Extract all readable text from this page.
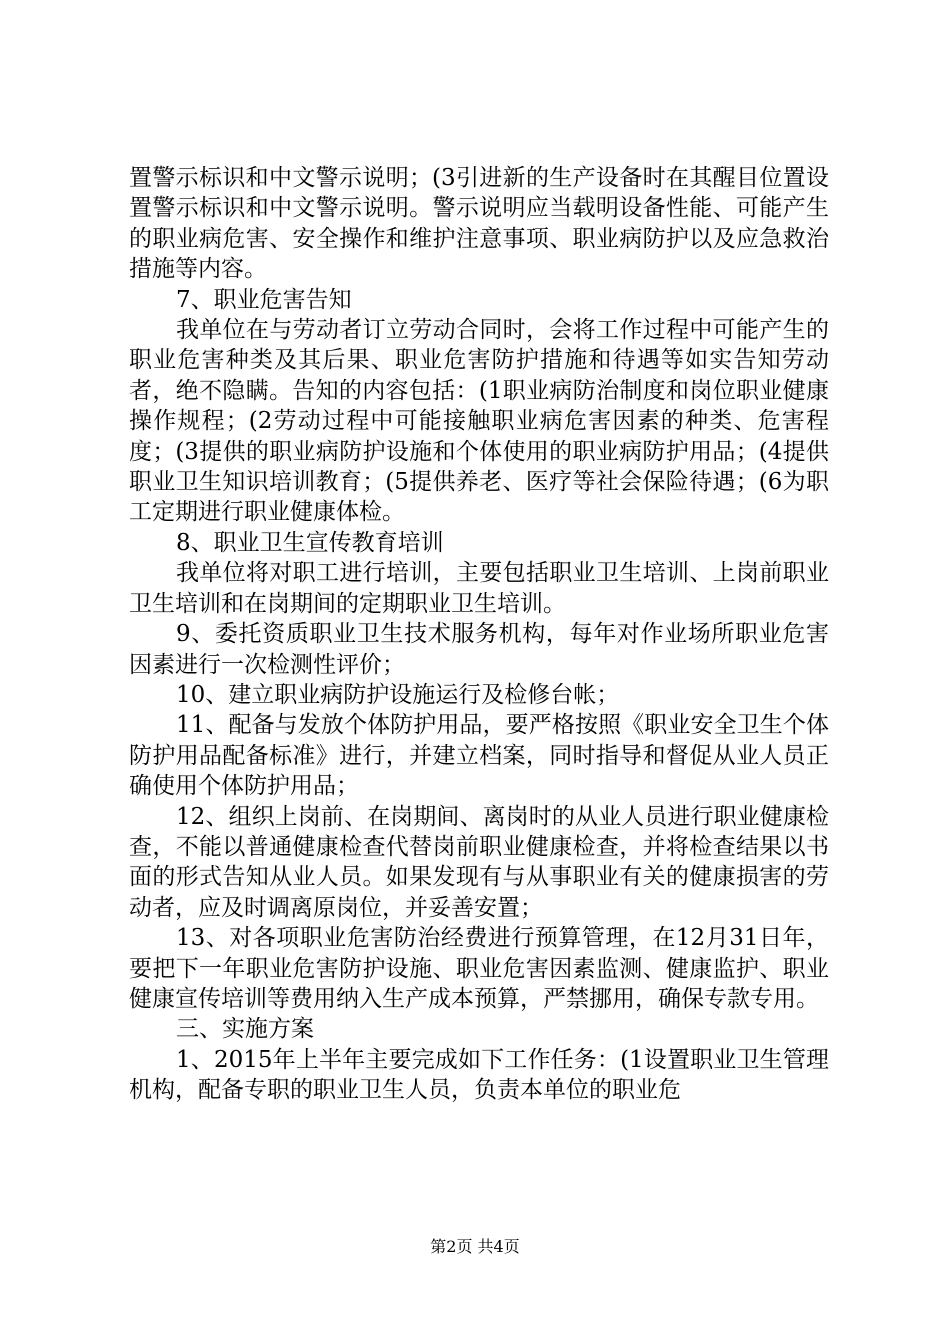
置警示标识和中文警示说明；(3引进新的生产设备时在其醒目位置设置警示标识和中文警示说明。警示说明应当载明设备性能、可能产生的职业病危害、安全操作和维护注意事项、职业病防护以及应急救治措施等内容。

7、职业危害告知

我单位在与劳动者订立劳动合同时，会将工作过程中可能产生的职业危害种类及其后果、职业危害防护措施和待遇等如实告知劳动者，绝不隐瞒。告知的内容包括：(1职业病防治制度和岗位职业健康操作规程；(2劳动过程中可能接触职业病危害因素的种类、危害程度；(3提供的职业病防护设施和个体使用的职业病防护用品；(4提供职业卫生知识培训教育；(5提供养老、医疗等社会保险待遇；(6为职工定期进行职业健康体检。

8、职业卫生宣传教育培训

我单位将对职工进行培训，主要包括职业卫生培训、上岗前职业卫生培训和在岗期间的定期职业卫生培训。

9、委托资质职业卫生技术服务机构，每年对作业场所职业危害因素进行一次检测性评价；

10、建立职业病防护设施运行及检修台帐；

11、配备与发放个体防护用品，要严格按照《职业安全卫生个体防护用品配备标准》进行，并建立档案，同时指导和督促从业人员正确使用个体防护用品；

12、组织上岗前、在岗期间、离岗时的从业人员进行职业健康检查，不能以普通健康检查代替岗前职业健康检查，并将检查结果以书面的形式告知从业人员。如果发现有与从事职业有关的健康损害的劳动者，应及时调离原岗位，并妥善安置；

13、对各项职业危害防治经费进行预算管理，在12月31日年，要把下一年职业危害防护设施、职业危害因素监测、健康监护、职业健康宣传培训等费用纳入生产成本预算，严禁挪用，确保专款专用。

三、实施方案

1、2015年上半年主要完成如下工作任务：(1设置职业卫生管理机构，配备专职的职业卫生人员，负责本单位的职业危

第2页 共4页
